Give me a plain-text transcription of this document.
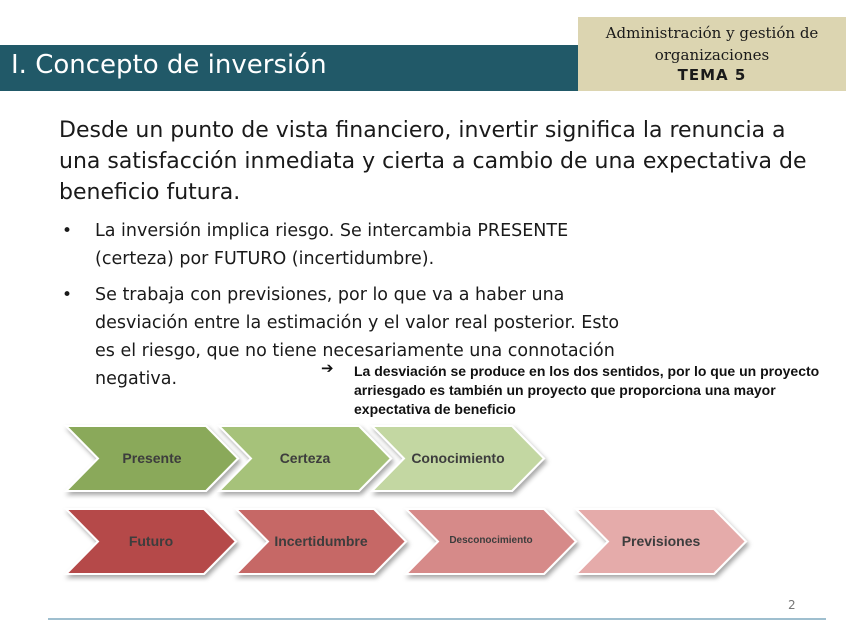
I. Concepto de inversión
Administración y gestión de
organizaciones
TEMA 5
Desde un punto de vista financiero, invertir significa la renuncia a una satisfacción inmediata y cierta a cambio de una expectativa de beneficio futura.
• La inversión implica riesgo. Se intercambia PRESENTE (certeza) por FUTURO (incertidumbre).
• Se trabaja con previsiones, por lo que va a haber una desviación entre la estimación y el valor real posterior. Esto es el riesgo, que no tiene necesariamente una connotación negativa.
➔ La desviación se produce en los dos sentidos, por lo que un proyecto arriesgado es también un proyecto que proporciona una mayor expectativa de beneficio
Presente	Certeza	Conocimiento
Futuro	Incertidumbre	Desconocimiento	Previsiones
2
